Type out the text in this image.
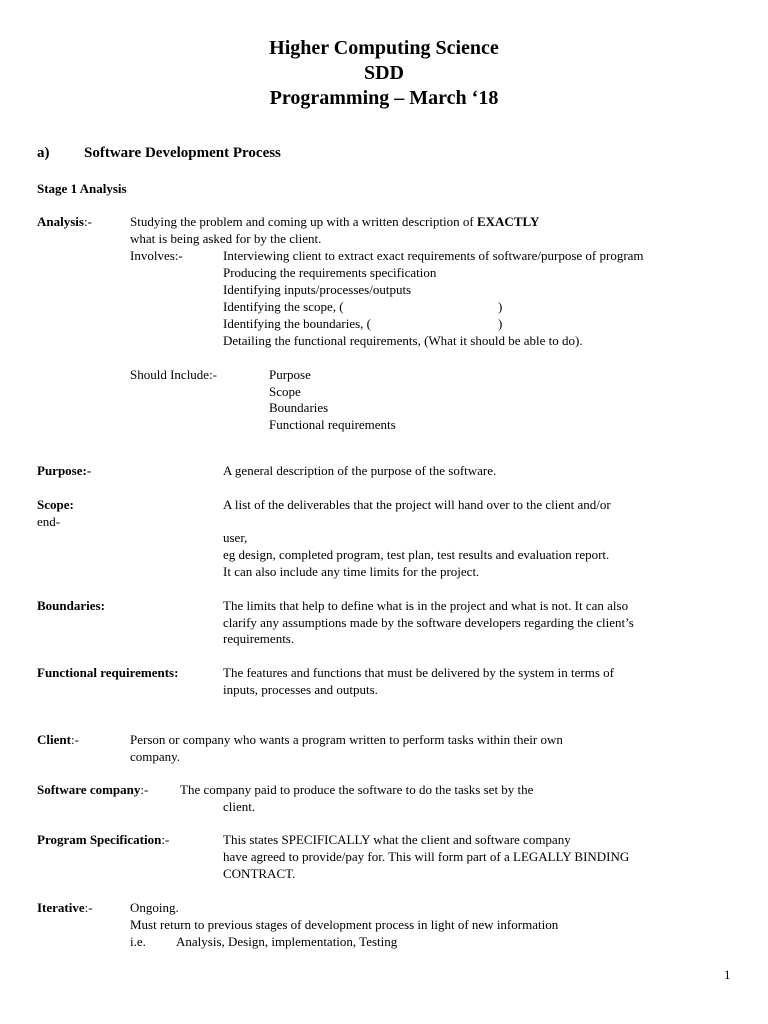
Higher Computing Science
SDD
Programming – March ‘18
a) Software Development Process
Stage 1 Analysis
Analysis:-	Studying the problem and coming up with a written description of EXACTLY
what is being asked for by the client.
Involves:-	Interviewing client to extract exact requirements of software/purpose of program
Producing the requirements specification
Identifying inputs/processes/outputs
Identifying the scope, (	)
Identifying the boundaries, (	)
Detailing the functional requirements, (What it should be able to do).
Should Include:-	Purpose
Scope
Boundaries
Functional requirements
Purpose:-	A general description of the purpose of the software.
Scope:	A list of the deliverables that the project will hand over to the client and/or
end-
user,
eg design, completed program, test plan, test results and evaluation report.
It can also include any time limits for the project.
Boundaries:	The limits that help to define what is in the project and what is not. It can also
clarify any assumptions made by the software developers regarding the client’s
requirements.
Functional requirements:	The features and functions that must be delivered by the system in terms of
inputs, processes and outputs.
Client:-	Person or company who wants a program written to perform tasks within their own
company.
Software company:- The company paid to produce the software to do the tasks set by the
client.
Program Specification:-	This states SPECIFICALLY what the client and software company
have agreed to provide/pay for. This will form part of a LEGALLY BINDING
CONTRACT.
Iterative:-	Ongoing.
Must return to previous stages of development process in light of new information
i.e. Analysis, Design, implementation, Testing
1
